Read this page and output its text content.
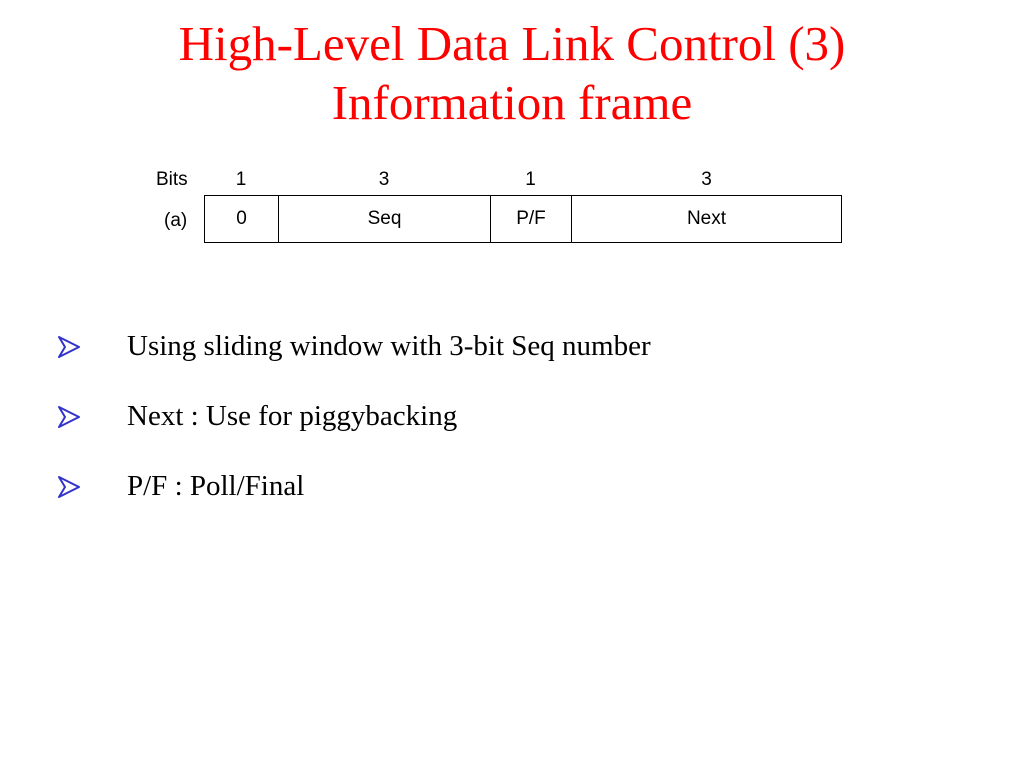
High-Level Data Link Control (3)
Information frame
Bits	1	3	1	3
(a)	0	Seq	P/F	Next
Using sliding window with 3-bit Seq number
Next : Use for piggybacking
P/F : Poll/Final
